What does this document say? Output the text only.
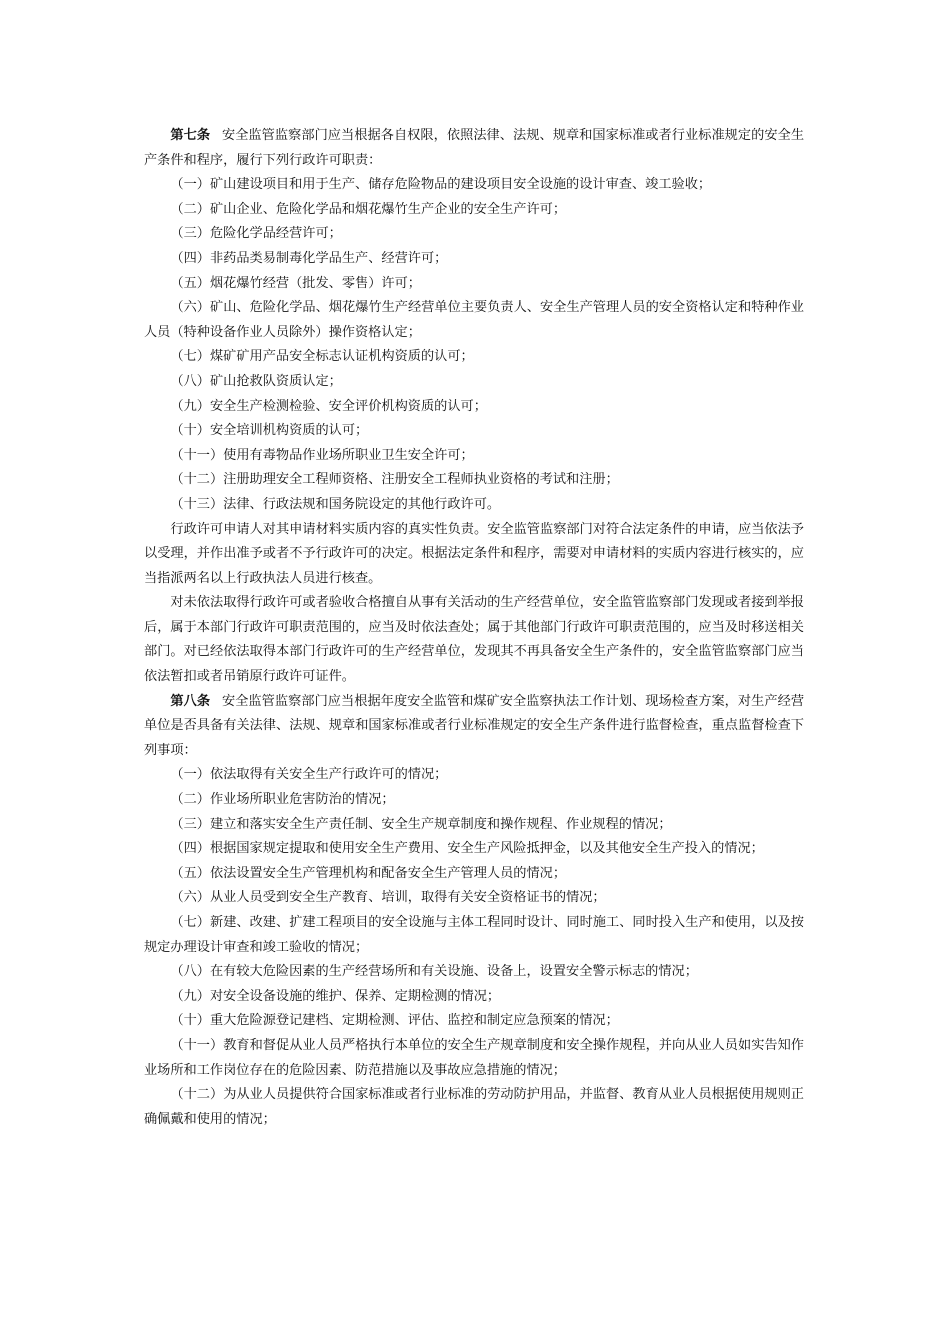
第七条 安全监管监察部门应当根据各自权限，依照法律、法规、规章和国家标准或者行业标准规定的安全生产条件和程序，履行下列行政许可职责：

（一）矿山建设项目和用于生产、储存危险物品的建设项目安全设施的设计审查、竣工验收；

（二）矿山企业、危险化学品和烟花爆竹生产企业的安全生产许可；

（三）危险化学品经营许可；

（四）非药品类易制毒化学品生产、经营许可；

（五）烟花爆竹经营（批发、零售）许可；

（六）矿山、危险化学品、烟花爆竹生产经营单位主要负责人、安全生产管理人员的安全资格认定和特种作业人员（特种设备作业人员除外）操作资格认定；

（七）煤矿矿用产品安全标志认证机构资质的认可；

（八）矿山抢救队资质认定；

（九）安全生产检测检验、安全评价机构资质的认可；

（十）安全培训机构资质的认可；

（十一）使用有毒物品作业场所职业卫生安全许可；

（十二）注册助理安全工程师资格、注册安全工程师执业资格的考试和注册；

（十三）法律、行政法规和国务院设定的其他行政许可。

行政许可申请人对其申请材料实质内容的真实性负责。安全监管监察部门对符合法定条件的申请，应当依法予以受理，并作出准予或者不予行政许可的决定。根据法定条件和程序，需要对申请材料的实质内容进行核实的，应当指派两名以上行政执法人员进行核查。

对未依法取得行政许可或者验收合格擅自从事有关活动的生产经营单位，安全监管监察部门发现或者接到举报后，属于本部门行政许可职责范围的，应当及时依法查处；属于其他部门行政许可职责范围的，应当及时移送相关部门。对已经依法取得本部门行政许可的生产经营单位，发现其不再具备安全生产条件的，安全监管监察部门应当依法暂扣或者吊销原行政许可证件。

第八条 安全监管监察部门应当根据年度安全监管和煤矿安全监察执法工作计划、现场检查方案，对生产经营单位是否具备有关法律、法规、规章和国家标准或者行业标准规定的安全生产条件进行监督检查，重点监督检查下列事项：

（一）依法取得有关安全生产行政许可的情况；

（二）作业场所职业危害防治的情况；

（三）建立和落实安全生产责任制、安全生产规章制度和操作规程、作业规程的情况；

（四）根据国家规定提取和使用安全生产费用、安全生产风险抵押金，以及其他安全生产投入的情况；

（五）依法设置安全生产管理机构和配备安全生产管理人员的情况；

（六）从业人员受到安全生产教育、培训，取得有关安全资格证书的情况；

（七）新建、改建、扩建工程项目的安全设施与主体工程同时设计、同时施工、同时投入生产和使用，以及按规定办理设计审查和竣工验收的情况；

（八）在有较大危险因素的生产经营场所和有关设施、设备上，设置安全警示标志的情况；

（九）对安全设备设施的维护、保养、定期检测的情况；

（十）重大危险源登记建档、定期检测、评估、监控和制定应急预案的情况；

（十一）教育和督促从业人员严格执行本单位的安全生产规章制度和安全操作规程，并向从业人员如实告知作业场所和工作岗位存在的危险因素、防范措施以及事故应急措施的情况；

（十二）为从业人员提供符合国家标准或者行业标准的劳动防护用品，并监督、教育从业人员根据使用规则正确佩戴和使用的情况；
